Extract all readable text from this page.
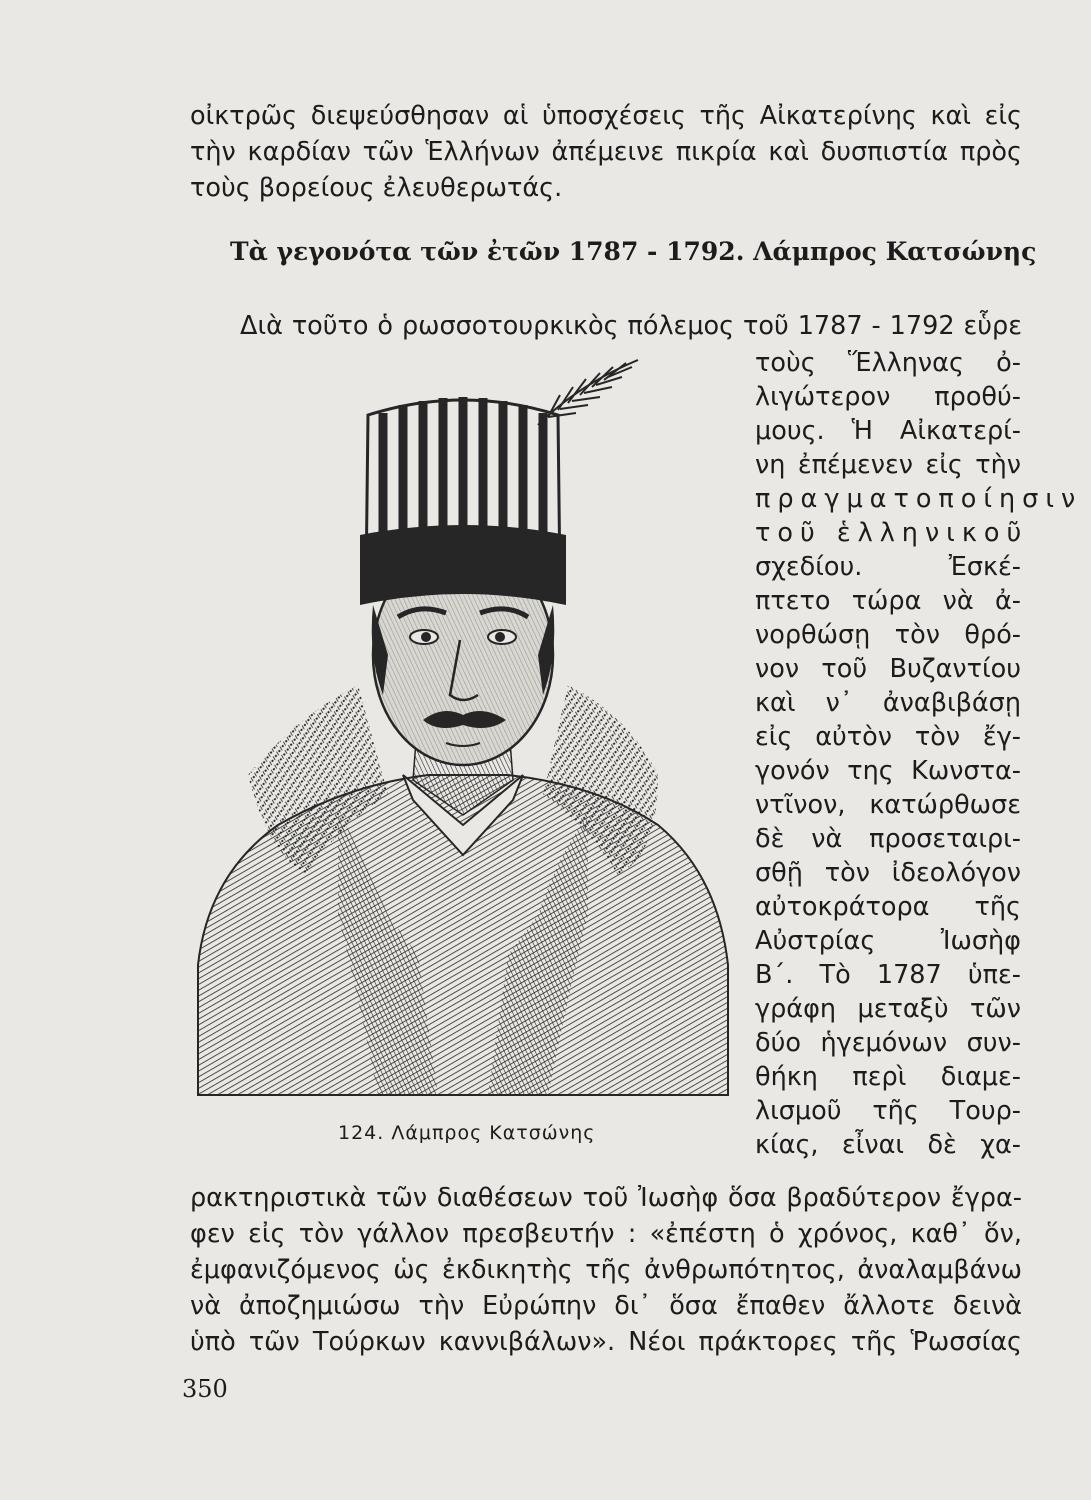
οἰκτρῶς διεψεύσθησαν αἱ ὑποσχέσεις τῆς Αἰκατερίνης καὶ εἰς
τὴν καρδίαν τῶν Ἑλλήνων ἀπέμεινε πικρία καὶ δυσπιστία πρὸς
τοὺς βορείους ἐλευθερωτάς.
Τὰ γεγονότα τῶν ἐτῶν 1787 - 1792. Λάμπρος Κατσώνης
Διὰ τοῦτο ὁ ρωσσοτουρκικὸς πόλεμος τοῦ 1787 - 1792 εὗρε
τοὺς Ἕλληνας ὀ-
λιγώτερον προθύ-
μους. Ἡ Αἰκατερί-
νη ἐπέμενεν εἰς τὴν
πραγματοποίησιν
τοῦ ἑλληνικοῦ
σχεδίου. Ἐσκέ-
πτετο τώρα νὰ ἀ-
νορθώσῃ τὸν θρό-
νον τοῦ Βυζαντίου
καὶ ν᾽ ἀναβιβάσῃ
εἰς αὐτὸν τὸν ἔγ-
γονόν της Κωνστα-
ντῖνον, κατώρθωσε
δὲ νὰ προσεταιρι-
σθῇ τὸν ἰδεολόγον
αὐτοκράτορα τῆς
Αὐστρίας Ἰωσὴφ
Β΄. Τὸ 1787 ὑπε-
γράφη μεταξὺ τῶν
δύο ἡγεμόνων συν-
θήκη περὶ διαμε-
λισμοῦ τῆς Τουρ-
κίας, εἶναι δὲ χα-
ρακτηριστικὰ τῶν διαθέσεων τοῦ Ἰωσὴφ ὅσα βραδύτερον ἔγρα-
φεν εἰς τὸν γάλλον πρεσβευτήν : «ἐπέστη ὁ χρόνος, καθ᾽ ὅν,
ἐμφανιζόμενος ὡς ἐκδικητὴς τῆς ἀνθρωπότητος, ἀναλαμβάνω
νὰ ἀποζημιώσω τὴν Εὐρώπην δι᾽ ὅσα ἔπαθεν ἄλλοτε δεινὰ
ὑπὸ τῶν Τούρκων καννιβάλων». Νέοι πράκτορες τῆς Ῥωσσίας
124. Λάμπρος Κατσώνης
350
